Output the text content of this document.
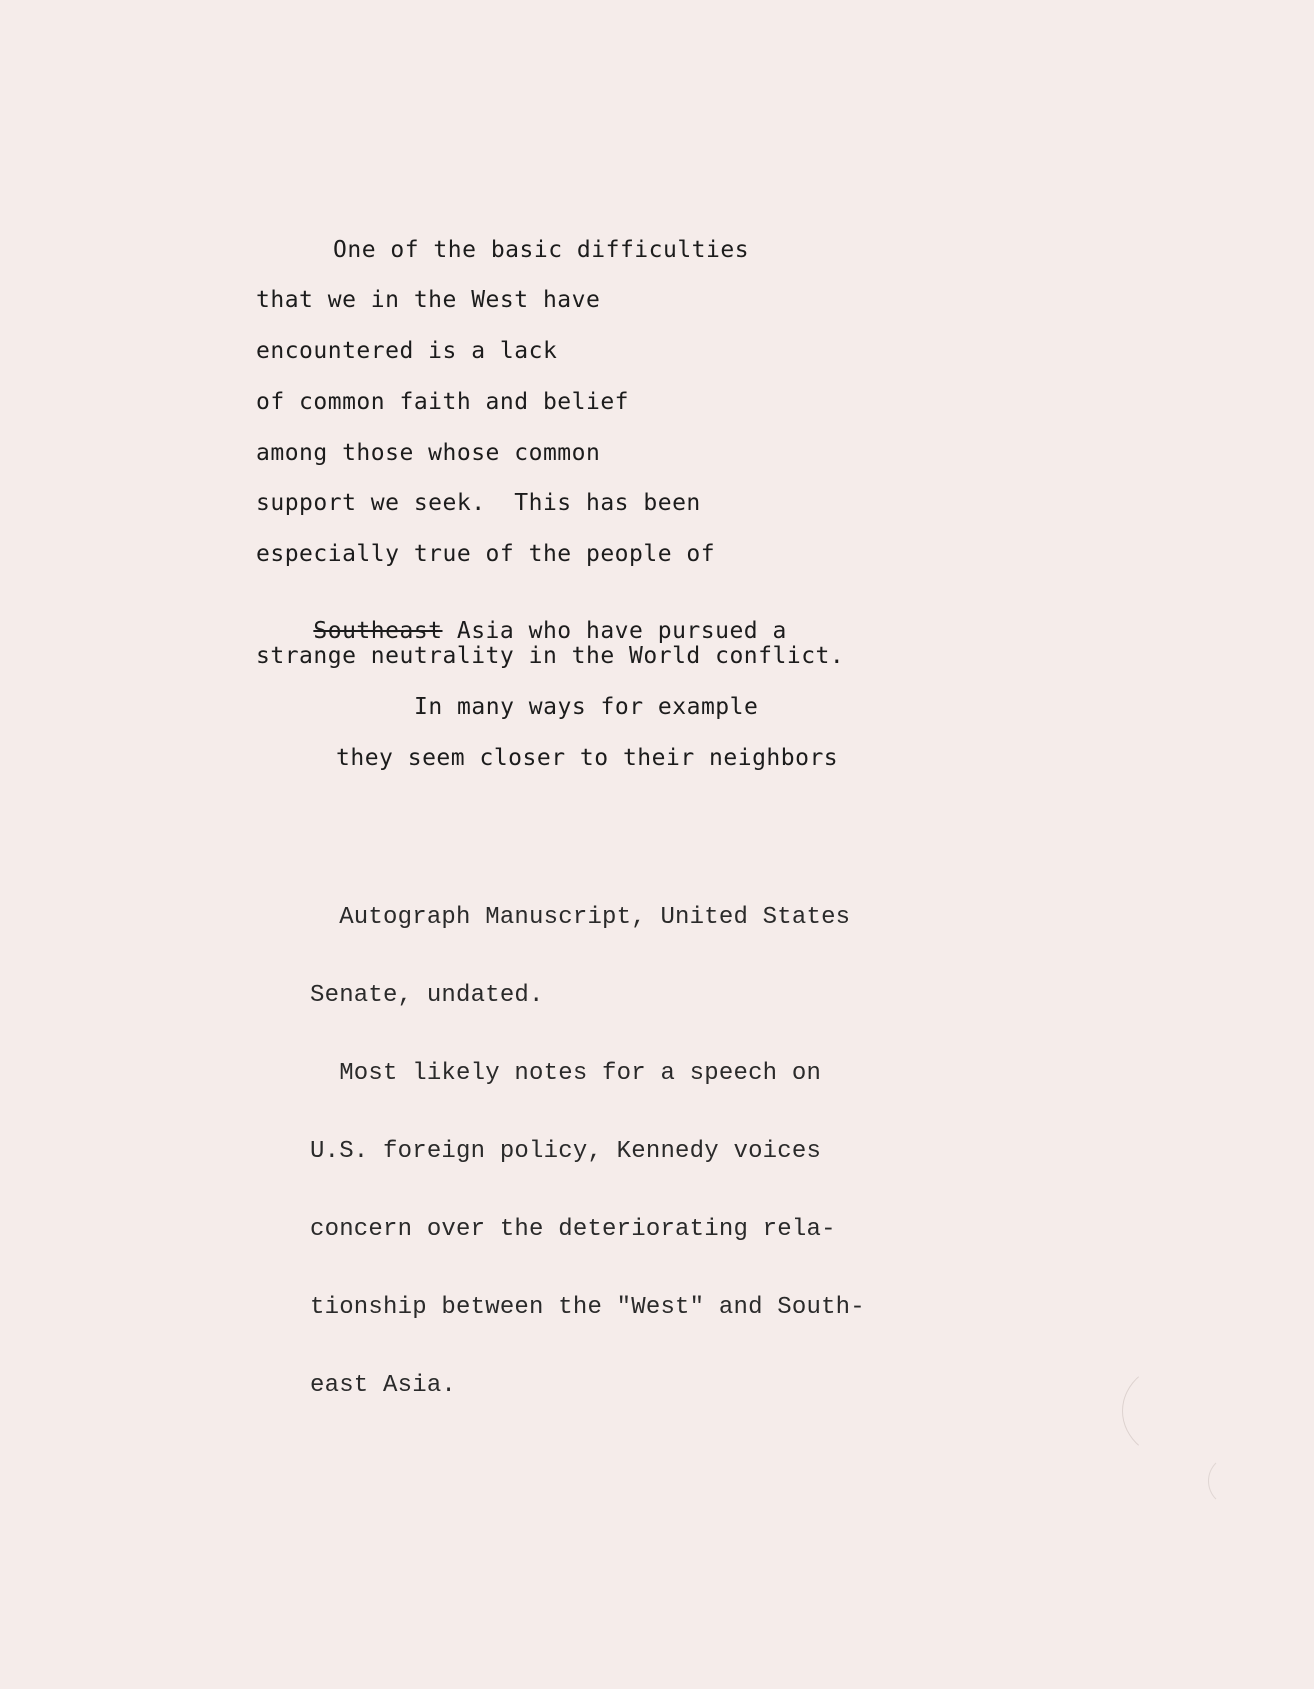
One of the basic difficulties
that we in the West have
encountered is a lack
of common faith and belief
among those whose common
support we seek.  This has been
especially true of the people of

Southeast Asia who have pursued a

strange neutrality in the World conflict.
In many ways for example
they seem closer to their neighbors

Autograph Manuscript, United States

Senate, undated.

Most likely notes for a speech on

U.S. foreign policy, Kennedy voices

concern over the deteriorating rela-

tionship between the "West" and South-

east Asia.
